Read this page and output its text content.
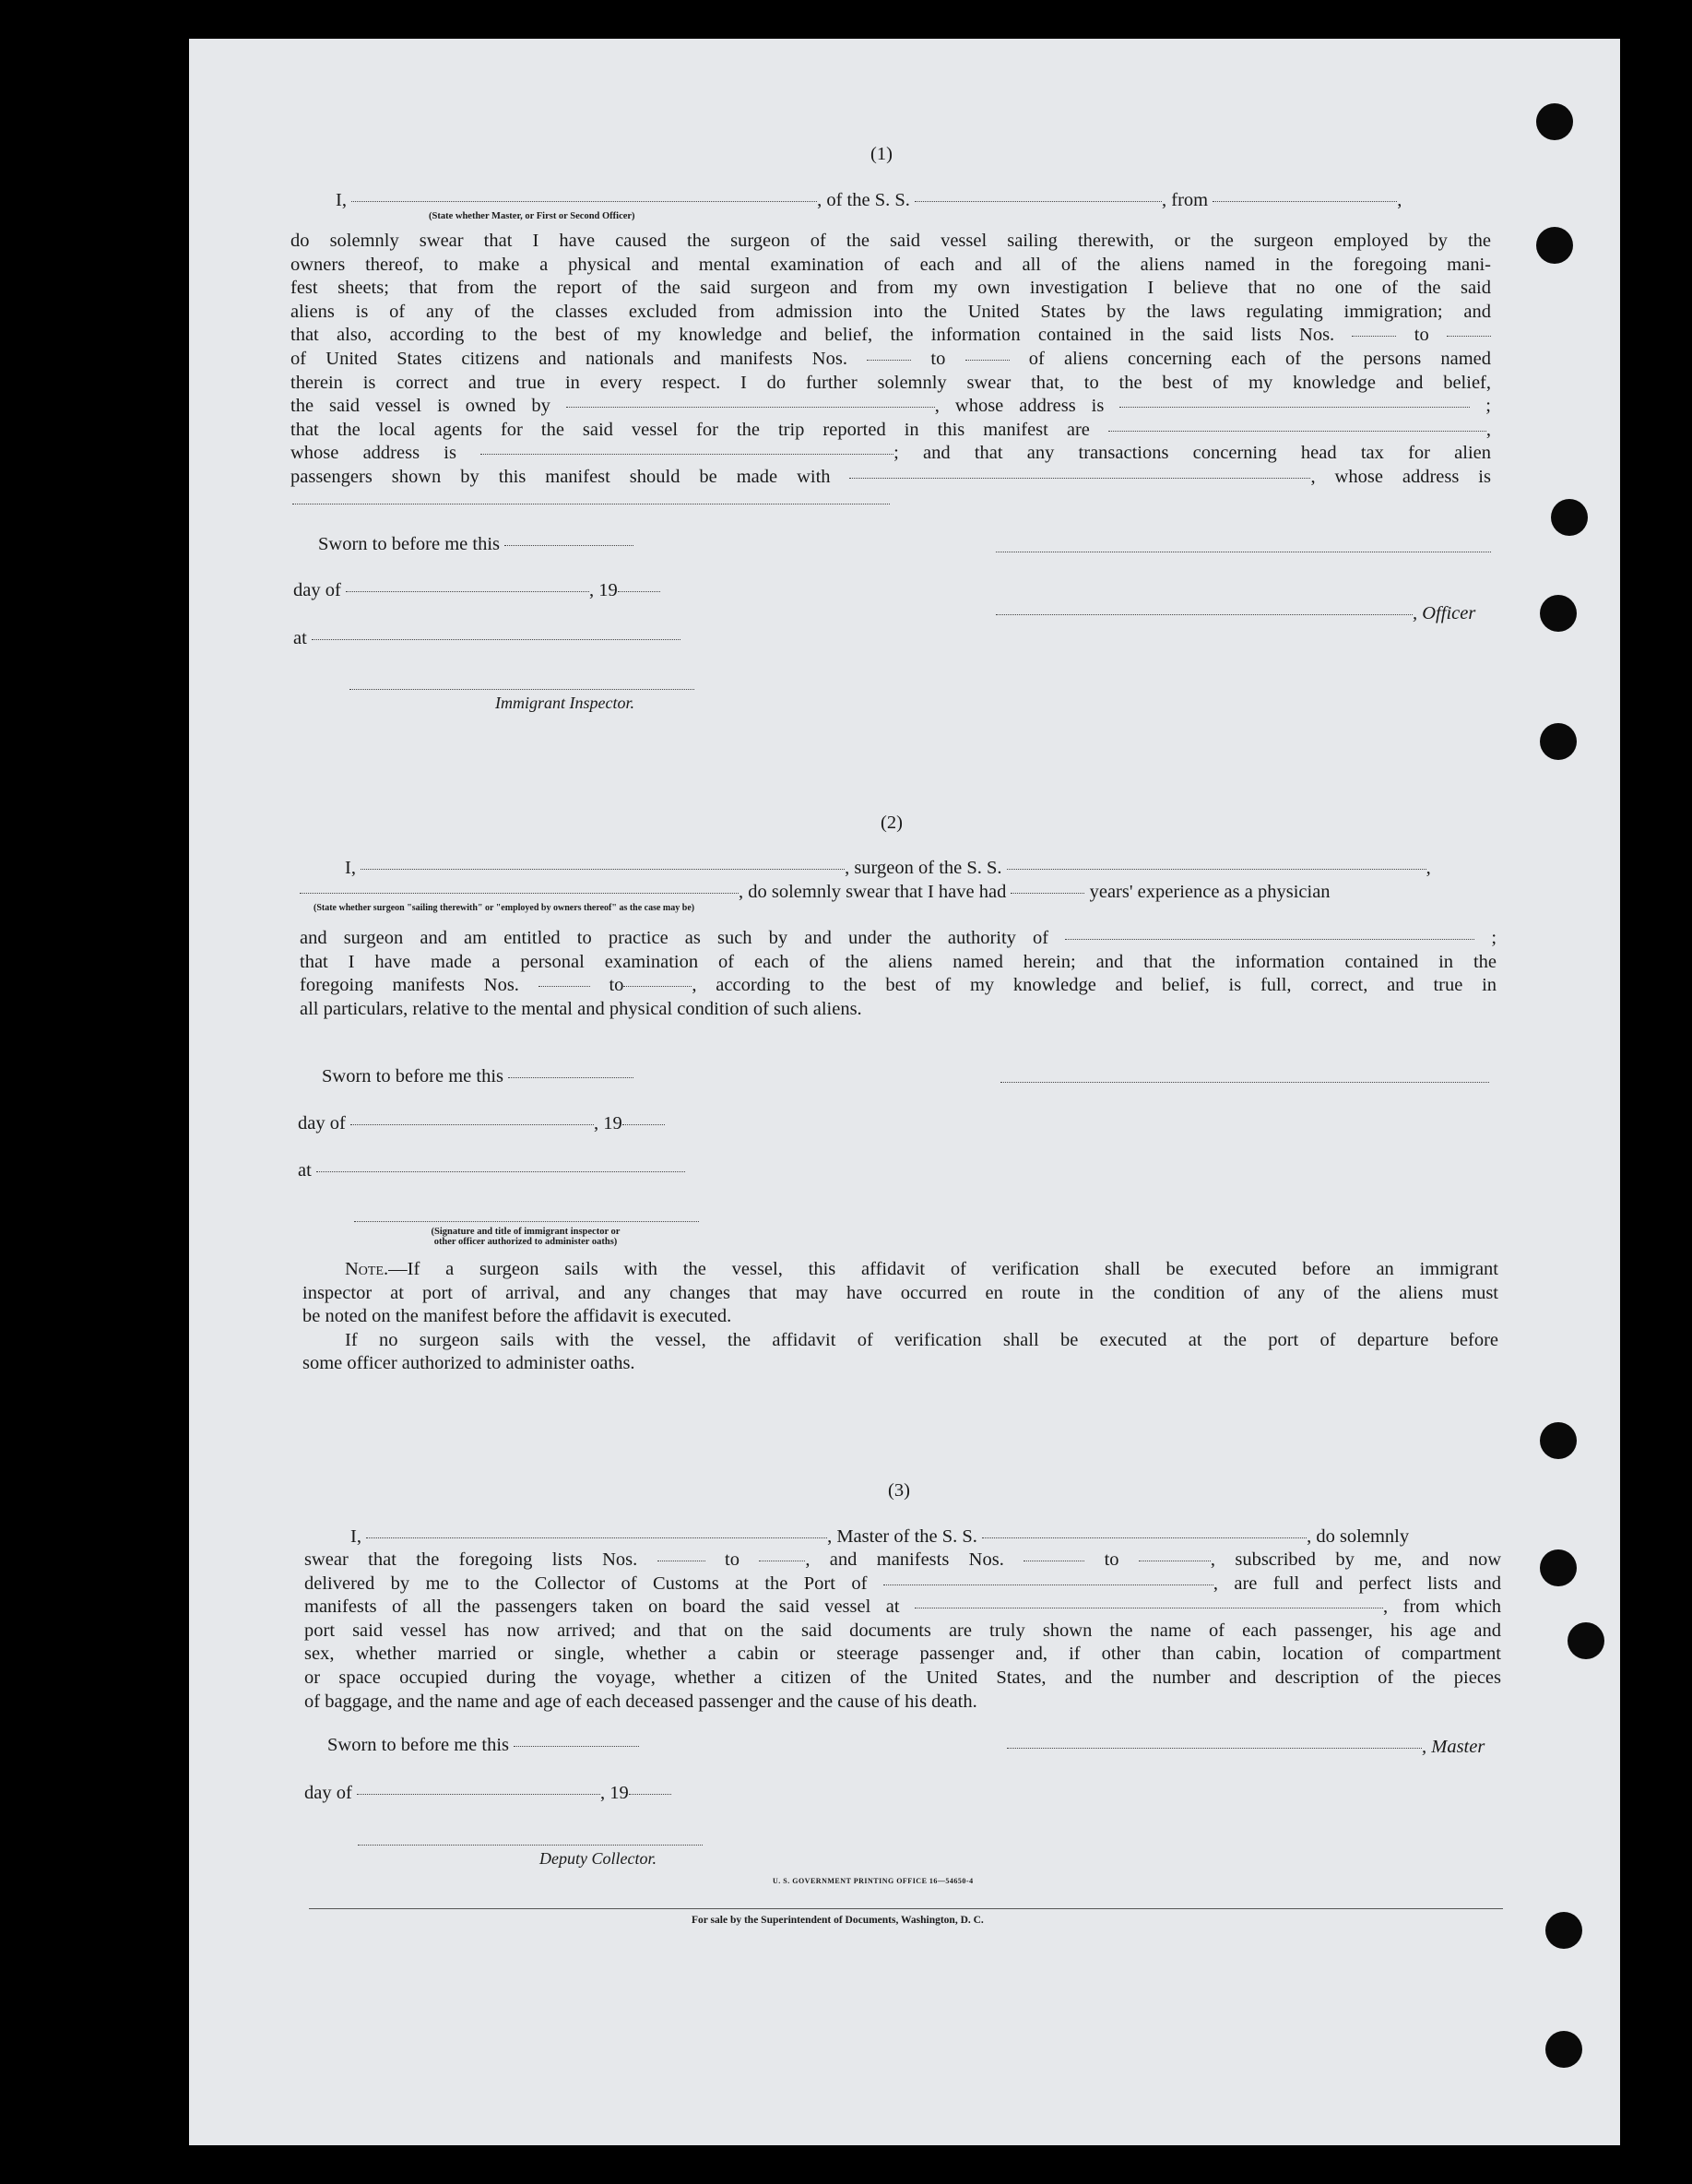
(1)
I,	, of the S. S.	, from	,
(State whether Master, or First or Second Officer)
do solemnly swear that I have caused the surgeon of the said vessel sailing therewith, or the surgeon employed by the
owners thereof, to make a physical and mental examination of each and all of the aliens named in the foregoing mani-
fest sheets; that from the report of the said surgeon and from my own investigation I believe that no one of the said
aliens is of any of the classes excluded from admission into the United States by the laws regulating immigration; and
that also, according to the best of my knowledge and belief, the information contained in the said lists Nos.	to
of United States citizens and nationals and manifests Nos.	to	of aliens concerning each of the persons named
therein is correct and true in every respect. I do further solemnly swear that, to the best of my knowledge and belief,
the said vessel is owned by	, whose address is	;
that the local agents for the said vessel for the trip reported in this manifest are	,
whose address is	; and that any transactions concerning head tax for alien
passengers shown by this manifest should be made with	, whose address is
Sworn to before me this
day of	, 19
, Officer
at
Immigrant Inspector.
(2)
I,	, surgeon of the S. S.	,
, do solemnly swear that I have had	years' experience as a physician
(State whether surgeon "sailing therewith" or "employed by owners thereof" as the case may be)
and surgeon and am entitled to practice as such by and under the authority of	;
that I have made a personal examination of each of the aliens named herein; and that the information contained in the
foregoing manifests Nos.	to	, according to the best of my knowledge and belief, is full, correct, and true in
all particulars, relative to the mental and physical condition of such aliens.
Sworn to before me this
day of	, 19
at
(Signature and title of immigrant inspector or
other officer authorized to administer oaths)
Note.—If a surgeon sails with the vessel, this affidavit of verification shall be executed before an immigrant
inspector at port of arrival, and any changes that may have occurred en route in the condition of any of the aliens must
be noted on the manifest before the affidavit is executed.
If no surgeon sails with the vessel, the affidavit of verification shall be executed at the port of departure before
some officer authorized to administer oaths.
(3)
I,	, Master of the S. S.	, do solemnly
swear that the foregoing lists Nos.	to	, and manifests Nos.	to	, subscribed by me, and now
delivered by me to the Collector of Customs at the Port of	, are full and perfect lists and
manifests of all the passengers taken on board the said vessel at	, from which
port said vessel has now arrived; and that on the said documents are truly shown the name of each passenger, his age and
sex, whether married or single, whether a cabin or steerage passenger and, if other than cabin, location of compartment
or space occupied during the voyage, whether a citizen of the United States, and the number and description of the pieces
of baggage, and the name and age of each deceased passenger and the cause of his death.
Sworn to before me this	, Master
day of	, 19
Deputy Collector.
U. S. GOVERNMENT PRINTING OFFICE 16—54650-4
For sale by the Superintendent of Documents, Washington, D. C.
